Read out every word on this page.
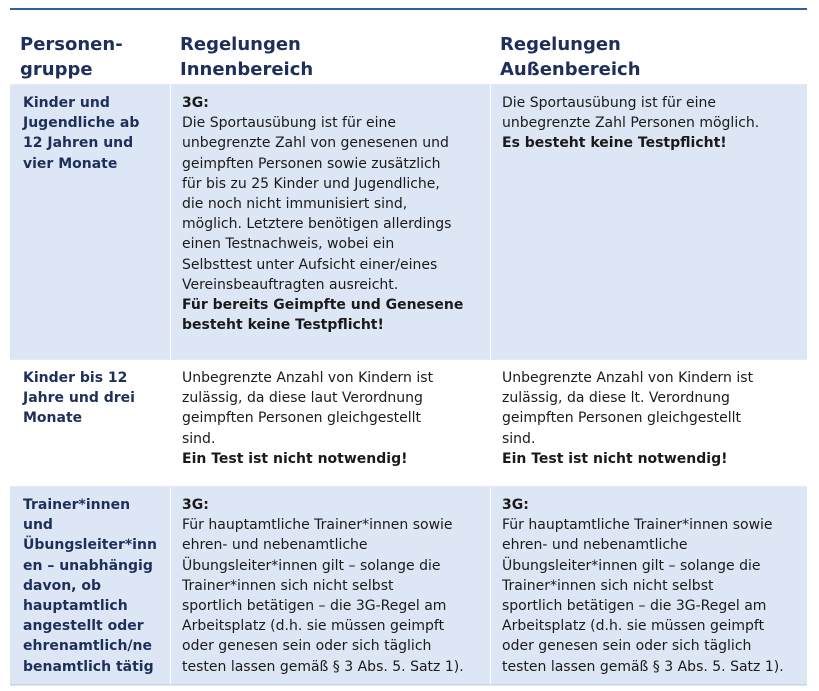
Personen-
gruppe
Regelungen
Innenbereich
Regelungen
Außenbereich
Kinder und
Jugendliche ab
12 Jahren und
vier Monate
3G:
Die Sportausübung ist für eine
unbegrenzte Zahl von genesenen und
geimpften Personen sowie zusätzlich
für bis zu 25 Kinder und Jugendliche,
die noch nicht immunisiert sind,
möglich. Letztere benötigen allerdings
einen Testnachweis, wobei ein
Selbsttest unter Aufsicht einer/eines
Vereinsbeauftragten ausreicht.
Für bereits Geimpfte und Genesene
besteht keine Testpflicht!
Die Sportausübung ist für eine
unbegrenzte Zahl Personen möglich.
Es besteht keine Testpflicht!
Kinder bis 12
Jahre und drei
Monate
Unbegrenzte Anzahl von Kindern ist
zulässig, da diese laut Verordnung
geimpften Personen gleichgestellt
sind.
Ein Test ist nicht notwendig!
Unbegrenzte Anzahl von Kindern ist
zulässig, da diese lt. Verordnung
geimpften Personen gleichgestellt
sind.
Ein Test ist nicht notwendig!
Trainer*innen
und
Übungsleiter*inn
en – unabhängig
davon, ob
hauptamtlich
angestellt oder
ehrenamtlich/ne
benamtlich tätig
3G:
Für hauptamtliche Trainer*innen sowie
ehren- und nebenamtliche
Übungsleiter*innen gilt – solange die
Trainer*innen sich nicht selbst
sportlich betätigen – die 3G-Regel am
Arbeitsplatz (d.h. sie müssen geimpft
oder genesen sein oder sich täglich
testen lassen gemäß § 3 Abs. 5. Satz 1).
3G:
Für hauptamtliche Trainer*innen sowie
ehren- und nebenamtliche
Übungsleiter*innen gilt – solange die
Trainer*innen sich nicht selbst
sportlich betätigen – die 3G-Regel am
Arbeitsplatz (d.h. sie müssen geimpft
oder genesen sein oder sich täglich
testen lassen gemäß § 3 Abs. 5. Satz 1).
